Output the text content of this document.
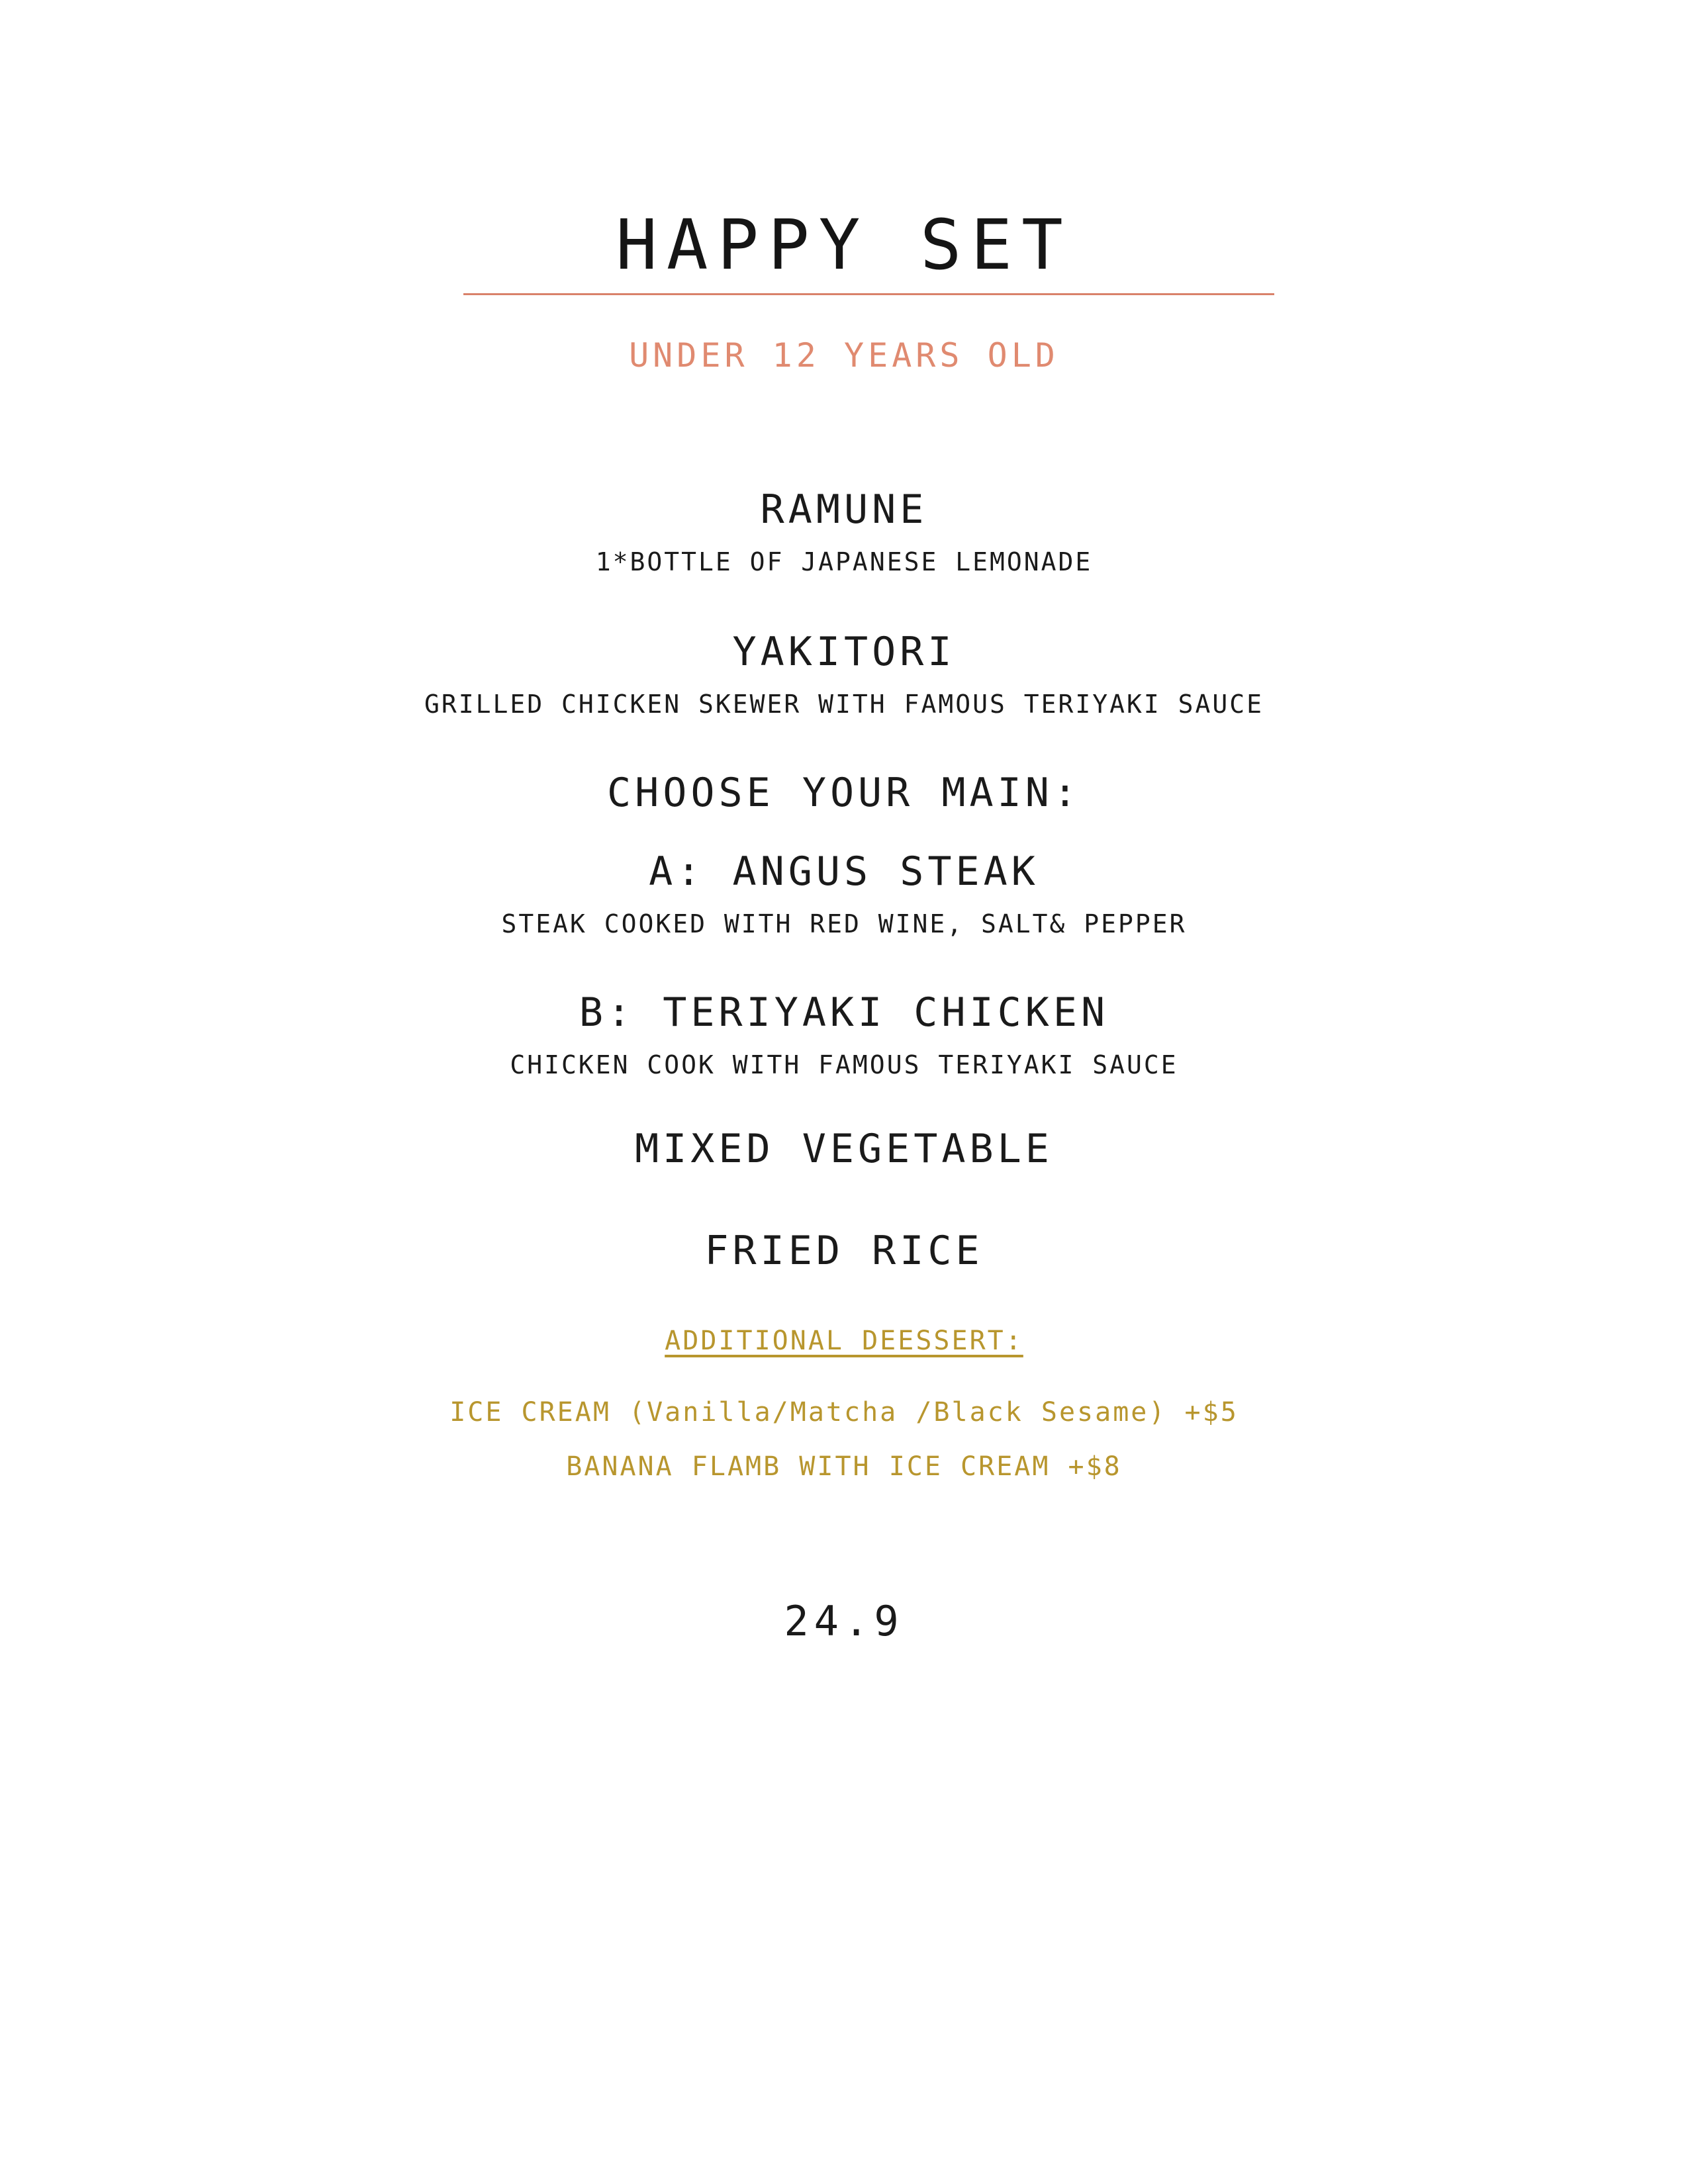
HAPPY SET
UNDER 12 YEARS OLD
RAMUNE
1*BOTTLE OF JAPANESE LEMONADE
YAKITORI
GRILLED CHICKEN SKEWER WITH FAMOUS TERIYAKI SAUCE
CHOOSE YOUR MAIN:
A: ANGUS STEAK
STEAK COOKED WITH RED WINE, SALT& PEPPER
B: TERIYAKI CHICKEN
CHICKEN COOK WITH FAMOUS TERIYAKI SAUCE
MIXED VEGETABLE
FRIED RICE
ADDITIONAL DEESSERT:
ICE CREAM (Vanilla/Matcha /Black Sesame) +$5
BANANA FLAMB WITH ICE CREAM +$8
24.9
